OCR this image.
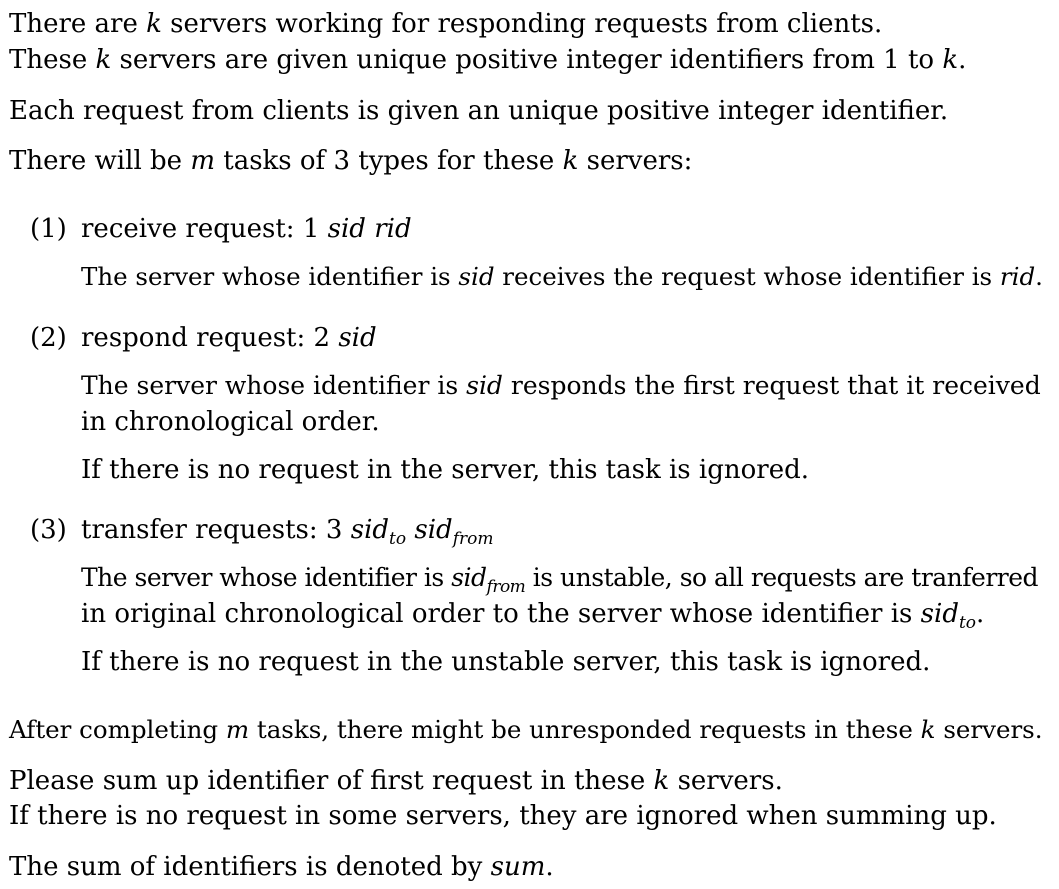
There are k servers working for responding requests from clients.

These k servers are given unique positive integer identifiers from 1 to k.

Each request from clients is given an unique positive integer identifier.

There will be m tasks of 3 types for these k servers:

(1) receive request: 1 sid rid

The server whose identifier is sid receives the request whose identifier is rid.

(2) respond request: 2 sid

The server whose identifier is sid responds the first request that it received

in chronological order.

If there is no request in the server, this task is ignored.

(3) transfer requests: 3 sid$_{to}$ sid$_{from}$

The server whose identifier is sid$_{from}$ is unstable, so all requests are tranferred

in original chronological order to the server whose identifier is sid$_{to}$.

If there is no request in the unstable server, this task is ignored.

After completing m tasks, there might be unresponded requests in these k servers.

Please sum up identifier of first request in these k servers.

If there is no request in some servers, they are ignored when summing up.

The sum of identifiers is denoted by sum.
